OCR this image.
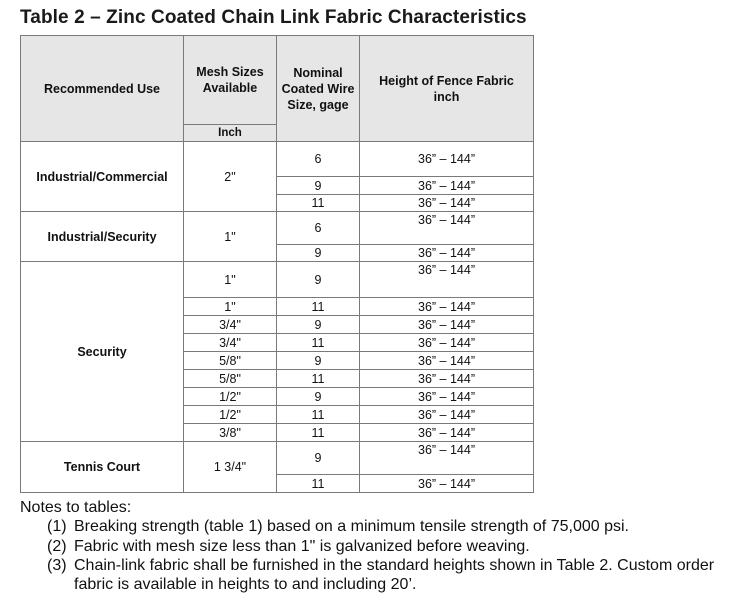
Table 2 – Zinc Coated Chain Link Fabric Characteristics
Recommended Use	Mesh Sizes Available	Nominal Coated Wire Size, gage	Height of Fence Fabric inch
	Inch		
Industrial/Commercial	2"	6	36” – 144”
		9	36” – 144”
		11	36” – 144”
Industrial/Security	1"	6	36” – 144”
		9	36” – 144”
Security	1"	9	36” – 144”
	1"	11	36” – 144”
	3/4"	9	36” – 144”
	3/4"	11	36” – 144”
	5/8"	9	36” – 144”
	5/8"	11	36” – 144”
	1/2"	9	36” – 144”
	1/2"	11	36” – 144”
	3/8"	11	36” – 144”
Tennis Court	1 3/4"	9	36” – 144”
		11	36” – 144”
Notes to tables:
(1) Breaking strength (table 1) based on a minimum tensile strength of 75,000 psi.
(2) Fabric with mesh size less than 1" is galvanized before weaving.
(3) Chain-link fabric shall be furnished in the standard heights shown in Table 2. Custom order fabric is available in heights to and including 20’.
